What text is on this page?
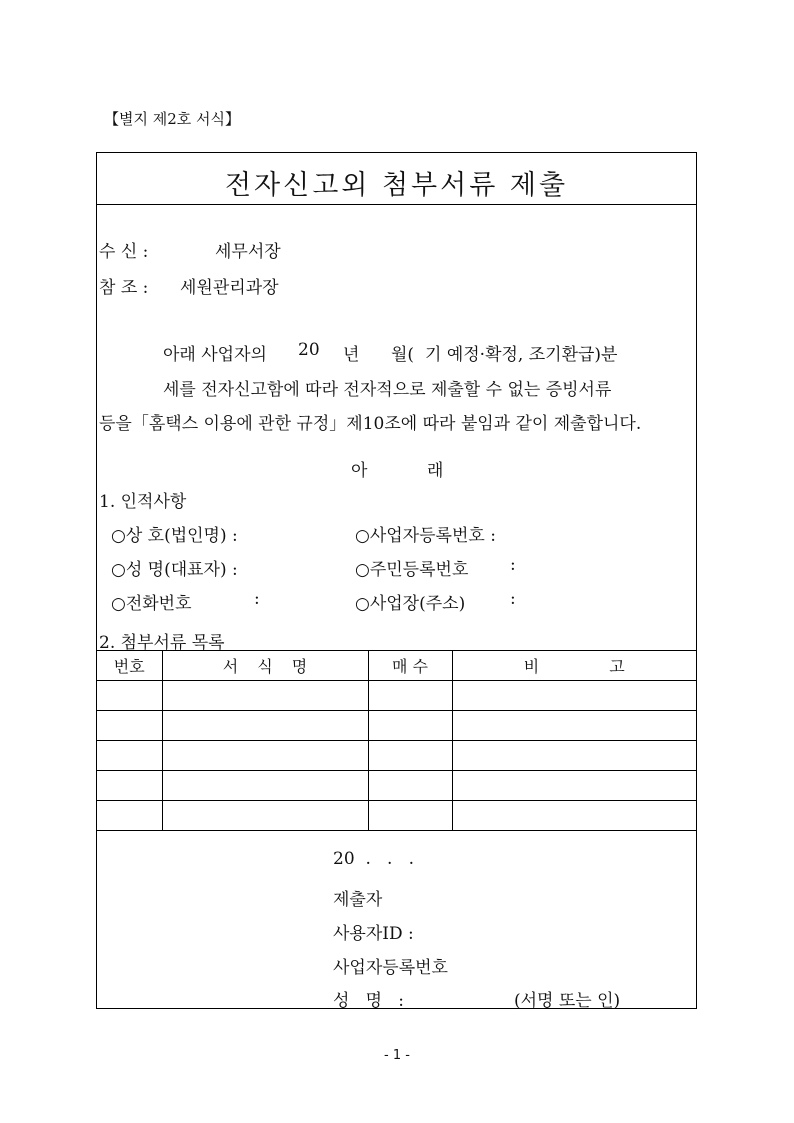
【별지 제2호 서식】
전자신고외 첨부서류 제출
수 신 :	세무서장
참 조 : 세원관리과장
아래 사업자의 20 년 월( 기 예정·확정, 조기환급)분
세를 전자신고함에 따라 전자적으로 제출할 수 없는 증빙서류
등을「홈택스 이용에 관한 규정」제10조에 따라 붙임과 같이 제출합니다.
아	래
1. 인적사항
○상 호(법인명) :	○사업자등록번호 :
○성 명(대표자) :	○주민등록번호 :
○전화번호	:	○사업장(주소)	:
2. 첨부서류 목록
번호	서 식 명	매 수	비 고

20  .   .   .
제출자
사용자ID :
사업자등록번호
성   명   :	(서명 또는 인)
- 1 -
